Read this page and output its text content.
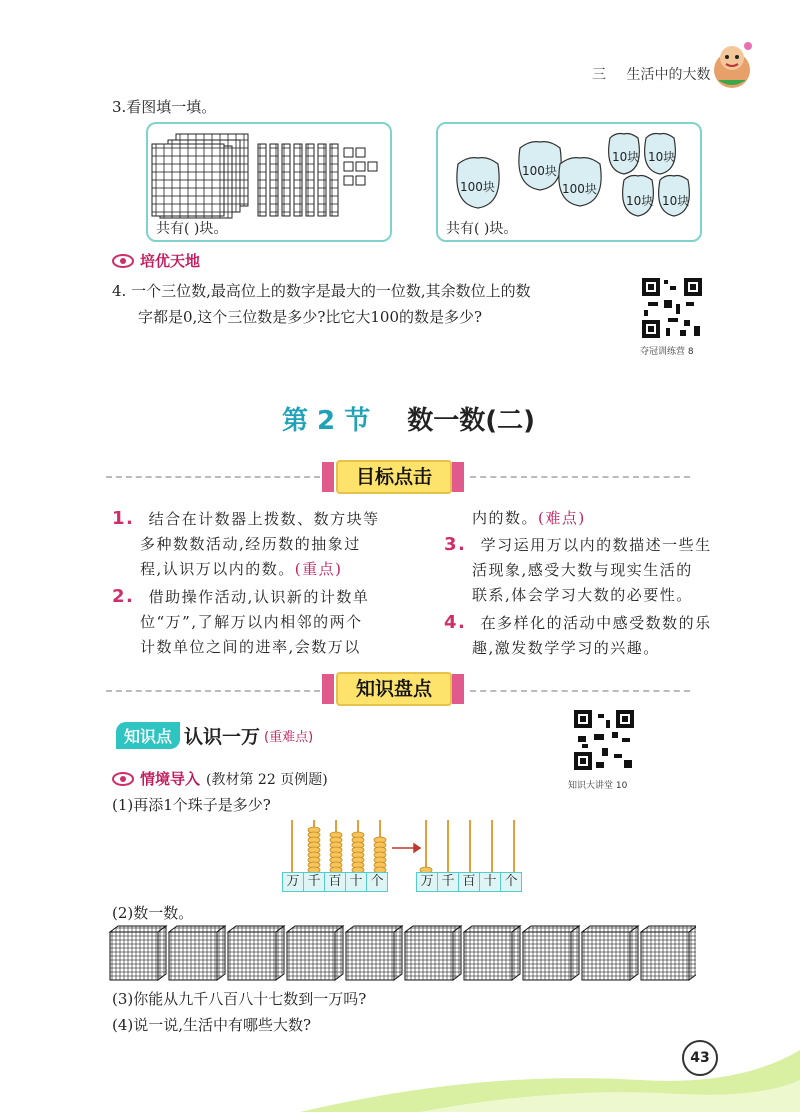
三 生活中的大数
3.看图填一填。
共有( )块。
100块
100块
100块
10块 10块
10块 10块
共有( )块。
培优天地
4. 一个三位数,最高位上的数字是最大的一位数,其余数位上的数
字都是0,这个三位数是多少?比它大100的数是多少?
夺冠训练营 8
第 2 节 数一数(二)
目标点击
1. 结合在计数器上拨数、数方块等
多种数数活动,经历数的抽象过
程,认识万以内的数。(重点)
2. 借助操作活动,认识新的计数单
位“万”,了解万以内相邻的两个
计数单位之间的进率,会数万以
内的数。(难点)
3. 学习运用万以内的数描述一些生
活现象,感受大数与现实生活的
联系,体会学习大数的必要性。
4. 在多样化的活动中感受数数的乐
趣,激发数学学习的兴趣。
知识盘点
知识点 认识一万 (重难点)
知识大讲堂 10
情境导入 (教材第 22 页例题)
(1)再添1个珠子是多少?
万 千 百 十 个	万 千 百 十 个
(2)数一数。
(3)你能从九千八百八十七数到一万吗?
(4)说一说,生活中有哪些大数?
43
